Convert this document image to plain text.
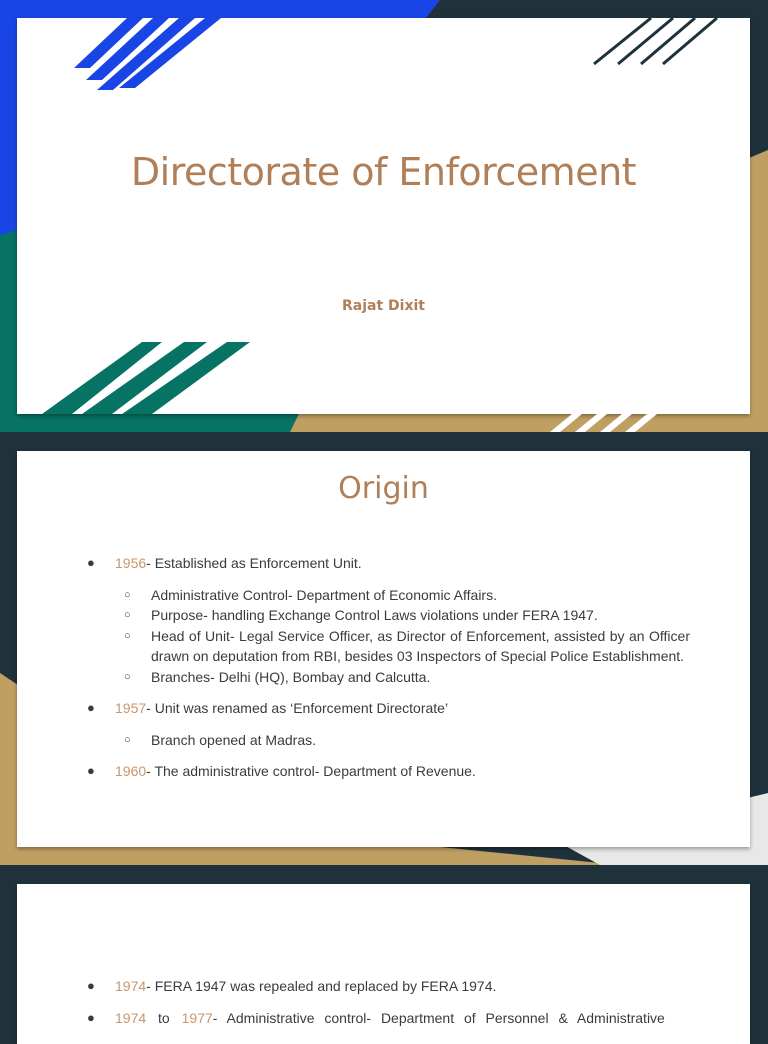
Directorate of Enforcement
Rajat Dixit
Origin
● 1956- Established as Enforcement Unit.
○ Administrative Control- Department of Economic Affairs.
○ Purpose- handling Exchange Control Laws violations under FERA 1947.
○ Head of Unit- Legal Service Officer, as Director of Enforcement, assisted by an Officer drawn on deputation from RBI, besides 03 Inspectors of Special Police Establishment.
○ Branches- Delhi (HQ), Bombay and Calcutta.
● 1957- Unit was renamed as ‘Enforcement Directorate’
○ Branch opened at Madras.
● 1960- The administrative control- Department of Revenue.
● 1974- FERA 1947 was repealed and replaced by FERA 1974.
● 1974 to 1977- Administrative control- Department of Personnel & Administrative
